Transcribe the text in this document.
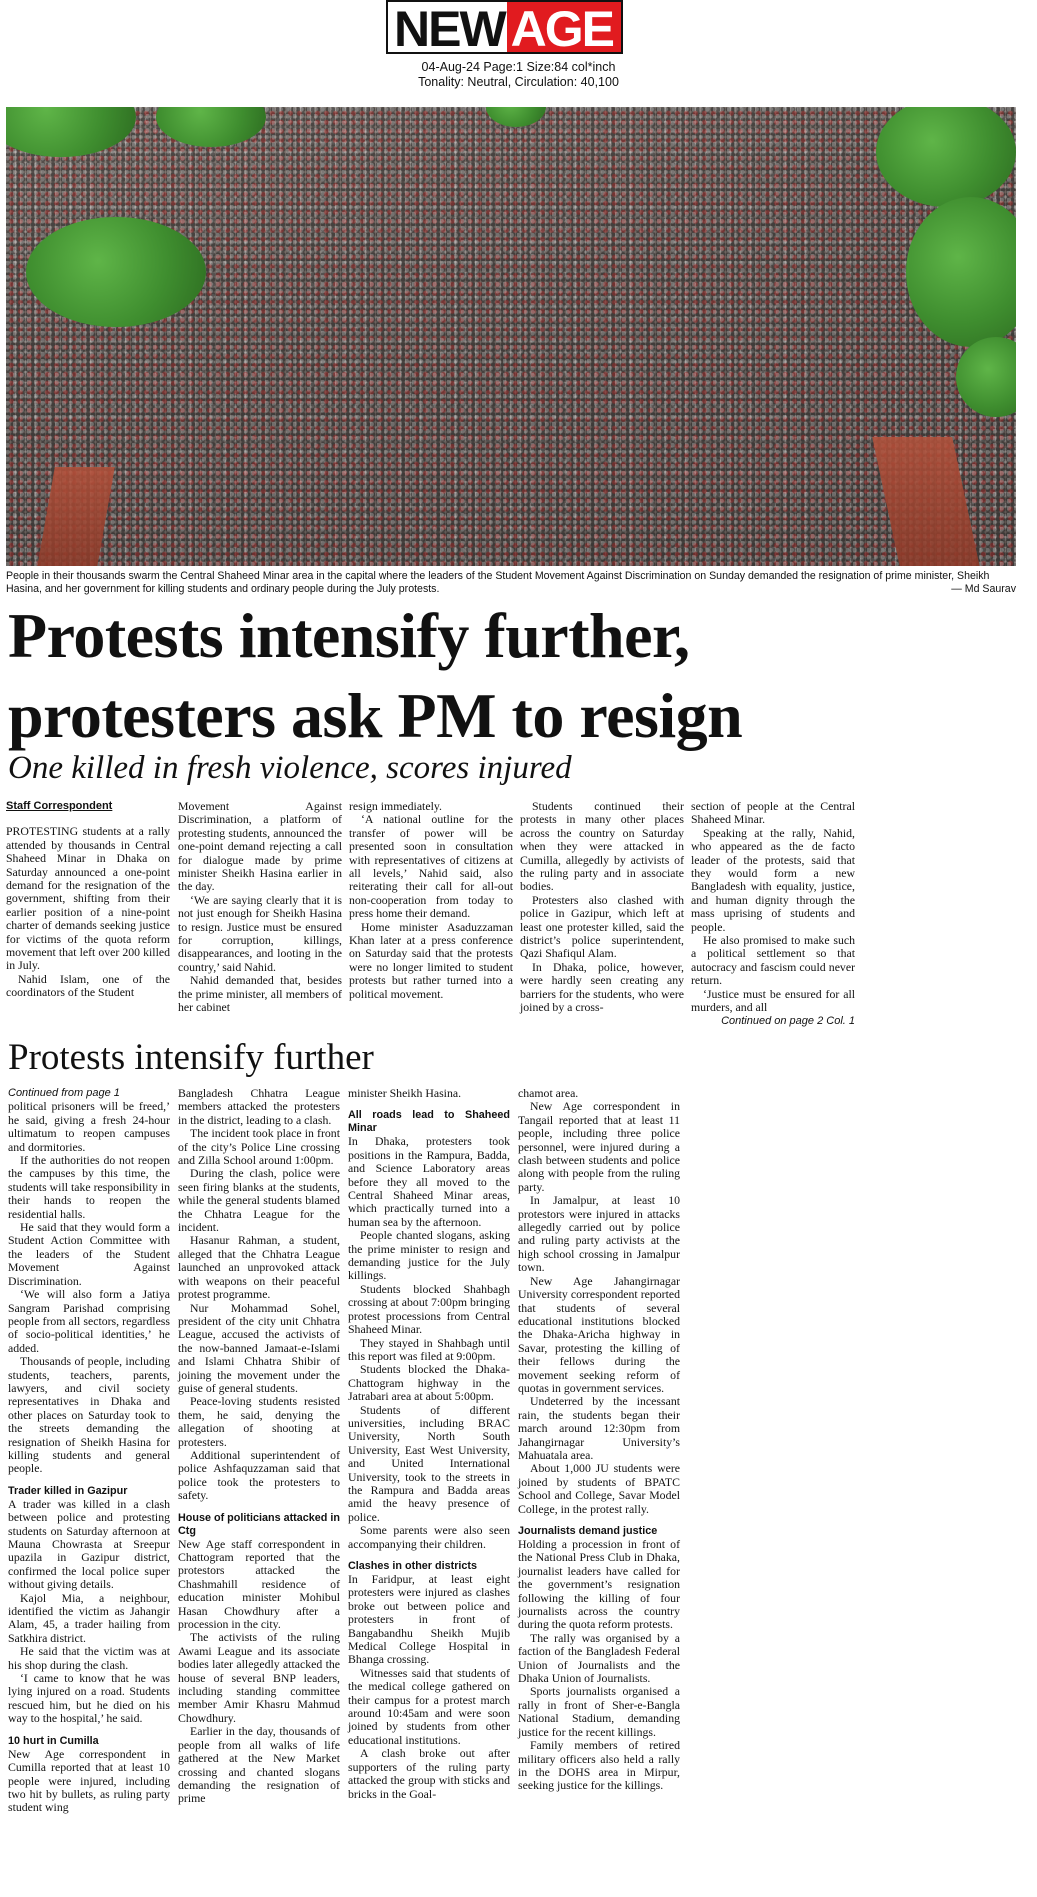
NEW AGE
04-Aug-24 Page:1 Size:84 col*inch
Tonality: Neutral, Circulation: 40,100
People in their thousands swarm the Central Shaheed Minar area in the capital where the leaders of the Student Movement Against Discrimination on Sunday demanded the resignation of prime minister, Sheikh Hasina, and her government for killing students and ordinary people during the July protests.	— Md Saurav
Protests intensify further,
protesters ask PM to resign
One killed in fresh violence, scores injured

Staff Correspondent

PROTESTING students at a rally attended by thousands in Central Shaheed Minar in Dhaka on Saturday announced a one-point demand for the resignation of the government, shifting from their earlier position of a nine-point charter of demands seeking justice for victims of the quota reform movement that left over 200 killed in July.

Nahid Islam, one of the coordinators of the Student

Movement Against Discrimination, a platform of protesting students, announced the one-point demand rejecting a call for dialogue made by prime minister Sheikh Hasina earlier in the day.

‘We are saying clearly that it is not just enough for Sheikh Hasina to resign. Justice must be ensured for corruption, killings, disappearances, and looting in the country,’ said Nahid.

Nahid demanded that, besides the prime minister, all members of her cabinet

resign immediately.

‘A national outline for the transfer of power will be presented soon in consultation with representatives of citizens at all levels,’ Nahid said, also reiterating their call for all-out non-cooperation from today to press home their demand.

Home minister Asaduzzaman Khan later at a press conference on Saturday said that the protests were no longer limited to student protests but rather turned into a political movement.

Students continued their protests in many other places across the country on Saturday when they were attacked in Cumilla, allegedly by activists of the ruling party and in associate bodies.

Protesters also clashed with police in Gazipur, which left at least one protester killed, said the district’s police superintendent, Qazi Shafiqul Alam.

In Dhaka, police, however, were hardly seen creating any barriers for the students, who were joined by a cross-

section of people at the Central Shaheed Minar.

Speaking at the rally, Nahid, who appeared as the de facto leader of the protests, said that they would form a new Bangladesh with equality, justice, and human dignity through the mass uprising of students and people.

He also promised to make such a political settlement so that autocracy and fascism could never return.

‘Justice must be ensured for all murders, and all

Continued on page 2 Col. 1

Protests intensify further

Continued from page 1

political prisoners will be freed,’ he said, giving a fresh 24-hour ultimatum to reopen campuses and dormitories.

If the authorities do not reopen the campuses by this time, the students will take responsibility in their hands to reopen the residential halls.

He said that they would form a Student Action Committee with the leaders of the Student Movement Against Discrimination.

‘We will also form a Jatiya Sangram Parishad comprising people from all sectors, regardless of socio-political identities,’ he added.

Thousands of people, including students, teachers, parents, lawyers, and civil society representatives in Dhaka and other places on Saturday took to the streets demanding the resignation of Sheikh Hasina for killing students and general people.

Trader killed in Gazipur

A trader was killed in a clash between police and protesting students on Saturday afternoon at Mauna Chowrasta at Sreepur upazila in Gazipur district, confirmed the local police super without giving details.

Kajol Mia, a neighbour, identified the victim as Jahangir Alam, 45, a trader hailing from Satkhira district.

He said that the victim was at his shop during the clash.

‘I came to know that he was lying injured on a road. Students rescued him, but he died on his way to the hospital,’ he said.

10 hurt in Cumilla

New Age correspondent in Cumilla reported that at least 10 people were injured, including two hit by bullets, as ruling party student wing

Bangladesh Chhatra League members attacked the protesters in the district, leading to a clash.

The incident took place in front of the city’s Police Line crossing and Zilla School around 1:00pm.

During the clash, police were seen firing blanks at the students, while the general students blamed the Chhatra League for the incident.

Hasanur Rahman, a student, alleged that the Chhatra League launched an unprovoked attack with weapons on their peaceful protest programme.

Nur Mohammad Sohel, president of the city unit Chhatra League, accused the activists of the now-banned Jamaat-e-Islami and Islami Chhatra Shibir of joining the movement under the guise of general students.

Peace-loving students resisted them, he said, denying the allegation of shooting at protesters.

Additional superintendent of police Ashfaquzzaman said that police took the protesters to safety.

House of politicians attacked in Ctg

New Age staff correspondent in Chattogram reported that the protestors attacked the Chashmahill residence of education minister Mohibul Hasan Chowdhury after a procession in the city.

The activists of the ruling Awami League and its associate bodies later allegedly attacked the house of several BNP leaders, including standing committee member Amir Khasru Mahmud Chowdhury.

Earlier in the day, thousands of people from all walks of life gathered at the New Market crossing and chanted slogans demanding the resignation of prime

minister Sheikh Hasina.

All roads lead to Shaheed Minar

In Dhaka, protesters took positions in the Rampura, Badda, and Science Laboratory areas before they all moved to the Central Shaheed Minar areas, which practically turned into a human sea by the afternoon.

People chanted slogans, asking the prime minister to resign and demanding justice for the July killings.

Students blocked Shahbagh crossing at about 7:00pm bringing protest processions from Central Shaheed Minar.

They stayed in Shahbagh until this report was filed at 9:00pm.

Students blocked the Dhaka-Chattogram highway in the Jatrabari area at about 5:00pm.

Students of different universities, including BRAC University, North South University, East West University, and United International University, took to the streets in the Rampura and Badda areas amid the heavy presence of police.

Some parents were also seen accompanying their children.

Clashes in other districts

In Faridpur, at least eight protesters were injured as clashes broke out between police and protesters in front of Bangabandhu Sheikh Mujib Medical College Hospital in Bhanga crossing.

Witnesses said that students of the medical college gathered on their campus for a protest march around 10:45am and were soon joined by students from other educational institutions.

A clash broke out after supporters of the ruling party attacked the group with sticks and bricks in the Goal-

chamot area.

New Age correspondent in Tangail reported that at least 11 people, including three police personnel, were injured during a clash between students and police along with people from the ruling party.

In Jamalpur, at least 10 protestors were injured in attacks allegedly carried out by police and ruling party activists at the high school crossing in Jamalpur town.

New Age Jahangirnagar University correspondent reported that students of several educational institutions blocked the Dhaka-Aricha highway in Savar, protesting the killing of their fellows during the movement seeking reform of quotas in government services.

Undeterred by the incessant rain, the students began their march around 12:30pm from Jahangirnagar University’s Mahuatala area.

About 1,000 JU students were joined by students of BPATC School and College, Savar Model College, in the protest rally.

Journalists demand justice

Holding a procession in front of the National Press Club in Dhaka, journalist leaders have called for the government’s resignation following the killing of four journalists across the country during the quota reform protests.

The rally was organised by a faction of the Bangladesh Federal Union of Journalists and the Dhaka Union of Journalists.

Sports journalists organised a rally in front of Sher-e-Bangla National Stadium, demanding justice for the recent killings.

Family members of retired military officers also held a rally in the DOHS area in Mirpur, seeking justice for the killings.
